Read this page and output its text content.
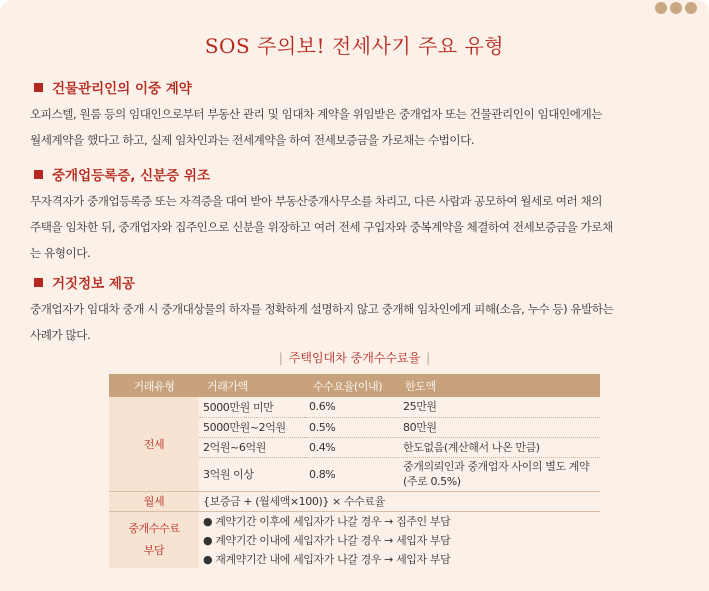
SOS 주의보! 전세사기 주요 유형
건물관리인의 이중 계약
오피스텔, 원룸 등의 임대인으로부터 부동산 관리 및 임대차 계약을 위임받은 중개업자 또는 건물관리인이 임대인에게는
월세계약을 했다고 하고, 실제 임차인과는 전세계약을 하여 전세보증금을 가로채는 수법이다.
중개업등록증, 신분증 위조
무자격자가 중개업등록증 또는 자격증을 대여 받아 부동산중개사무소를 차리고, 다른 사람과 공모하여 월세로 여러 채의
주택을 임차한 뒤, 중개업자와 집주인으로 신분을 위장하고 여러 전세 구입자와 중복계약을 체결하여 전세보증금을 가로채
는 유형이다.
거짓정보 제공
중개업자가 임대차 중개 시 중개대상물의 하자를 정확하게 설명하지 않고 중개해 임차인에게 피해(소음, 누수 등) 유발하는
사례가 많다.
| 주택임대차 중개수수료율 |
거래유형	거래가액	수수요율(이내)	한도액
전세	5000만원 미만	0.6%	25만원
	5000만원~2억원	0.5%	80만원
	2억원~6억원	0.4%	한도없음(계산해서 나온 만큼)
	3억원 이상	0.8%	중개의뢰인과 중개업자 사이의 별도 계약
(주로 0.5%)

월세	{보증금 + (월세액×100)} × 수수료율		

중개수수료
부담	● 계약기간 이후에 세입자가 나갈 경우 → 집주인 부담		
	● 계약기간 이내에 세입자가 나갈 경우 → 세입자 부담		
	● 재계약기간 내에 세입자가 나갈 경우 → 세입자 부담		
